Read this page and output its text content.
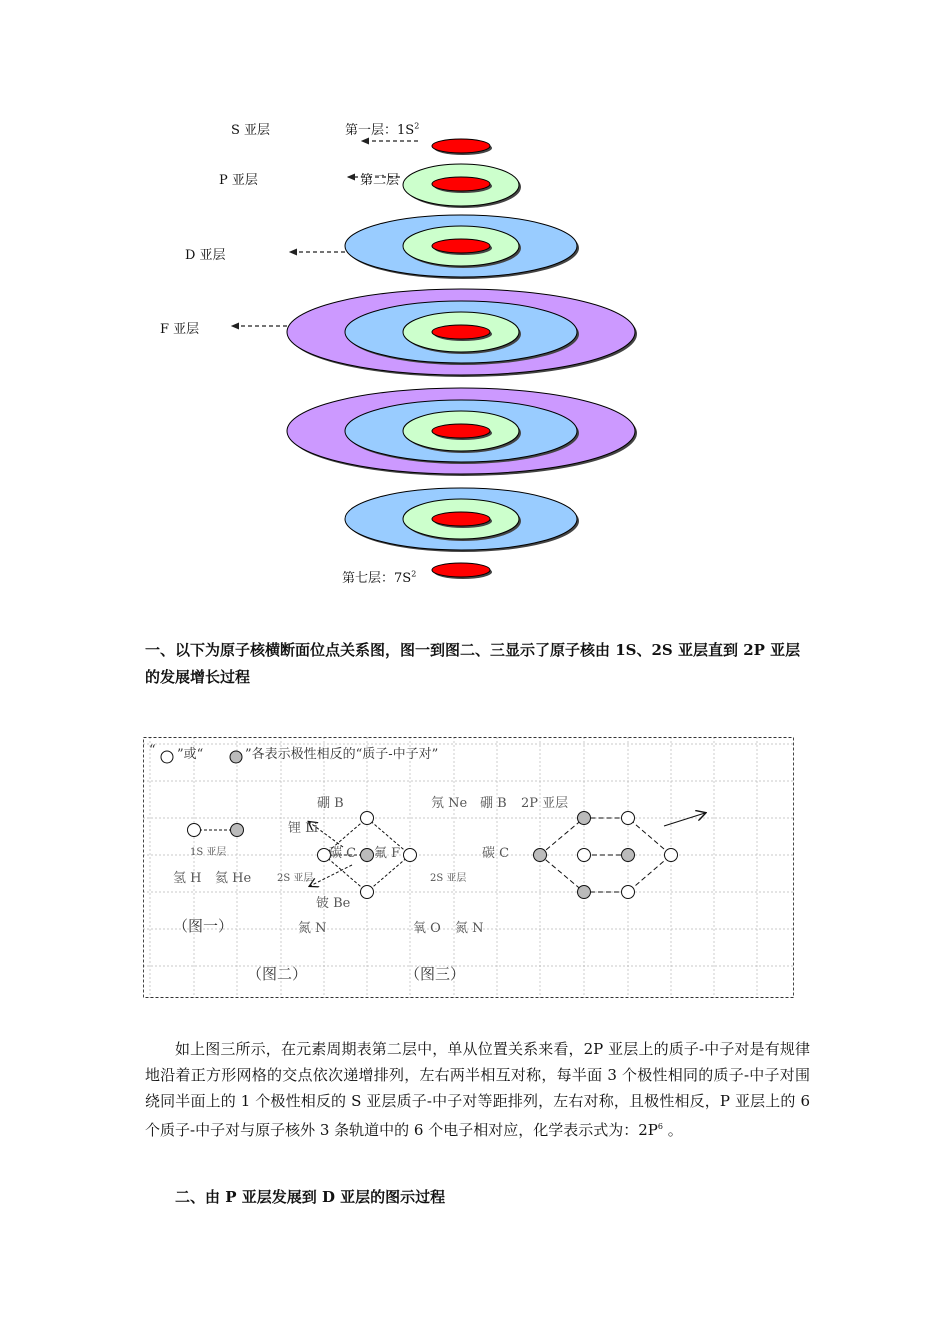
S 亚层	第一层：$1S^2$
P 亚层	第二层
D 亚层
F 亚层
第七层：$7S^2$
一、以下为原子核横断面位点关系图，图一到图二、三显示了原子核由 1S、2S 亚层直到 2P 亚层的发展增长过程
“ ”或“	”各表示极性相反的“质子-中子对”
1S 亚层
氢 H 氦 He
（图一）
硼 B
锂 Li
碳 C 氟 F
2S 亚层
铍 Be
氮 N
（图二）
氖 Ne 硼 B 2P 亚层
碳 C
2S 亚层
氧 O 氮 N
（图三）
如上图三所示，在元素周期表第二层中，单从位置关系来看，2P 亚层上的质子-中子对是有规律地沿着正方形网格的交点依次递增排列，左右两半相互对称，每半面 3 个极性相同的质子-中子对围绕同半面上的 1 个极性相反的 S 亚层质子-中子对等距排列，左右对称，且极性相反，P 亚层上的 6 个质子-中子对与原子核外 3 条轨道中的 6 个电子相对应，化学表示式为：$2P^6$ 。
二、由 P 亚层发展到 D 亚层的图示过程
